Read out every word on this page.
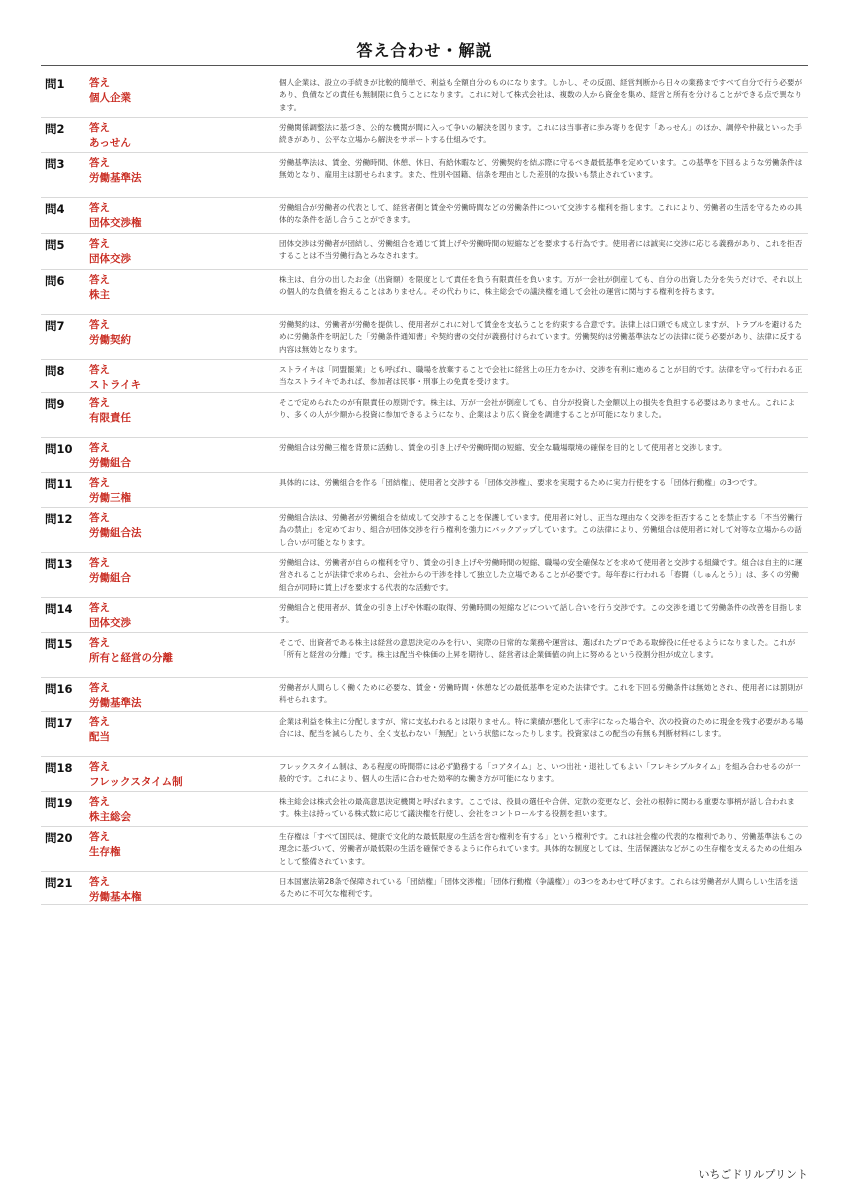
答え合わせ・解説
問1 答え
個人企業
個人企業は、設立の手続きが比較的簡単で、利益も全額自分のものになります。しかし、その反面、経営判断から日々の業務まですべて自分で行う必要があり、負債などの責任も無制限に負うことになります。これに対して株式会社は、複数の人から資金を集め、経営と所有を分けることができる点で異なります。
問2 答え
あっせん
労働関係調整法に基づき、公的な機関が間に入って争いの解決を図ります。これには当事者に歩み寄りを促す「あっせん」のほか、調停や仲裁といった手続きがあり、公平な立場から解決をサポートする仕組みです。
問3 答え
労働基準法
労働基準法は、賃金、労働時間、休憩、休日、有給休暇など、労働契約を結ぶ際に守るべき最低基準を定めています。この基準を下回るような労働条件は無効となり、雇用主は罰せられます。また、性別や国籍、信条を理由とした差別的な扱いも禁止されています。
問4 答え
団体交渉権
労働組合が労働者の代表として、経営者側と賃金や労働時間などの労働条件について交渉する権利を指します。これにより、労働者の生活を守るための具体的な条件を話し合うことができます。
問5 答え
団体交渉
団体交渉は労働者が団結し、労働組合を通じて賃上げや労働時間の短縮などを要求する行為です。使用者には誠実に交渉に応じる義務があり、これを拒否することは不当労働行為とみなされます。
問6 答え
株主
株主は、自分の出したお金（出資額）を限度として責任を負う有限責任を負います。万が一会社が倒産しても、自分の出資した分を失うだけで、それ以上の個人的な負債を抱えることはありません。その代わりに、株主総会での議決権を通して会社の運営に関与する権利を持ちます。
問7 答え
労働契約
労働契約は、労働者が労働を提供し、使用者がこれに対して賃金を支払うことを約束する合意です。法律上は口頭でも成立しますが、トラブルを避けるために労働条件を明記した「労働条件通知書」や契約書の交付が義務付けられています。労働契約は労働基準法などの法律に従う必要があり、法律に反する内容は無効となります。
問8 答え
ストライキ
ストライキは「同盟罷業」とも呼ばれ、職場を放棄することで会社に経営上の圧力をかけ、交渉を有利に進めることが目的です。法律を守って行われる正当なストライキであれば、参加者は民事・刑事上の免責を受けます。
問9 答え
有限責任
そこで定められたのが有限責任の原則です。株主は、万が一会社が倒産しても、自分が投資した金額以上の損失を負担する必要はありません。これにより、多くの人が少額から投資に参加できるようになり、企業はより広く資金を調達することが可能になりました。
問10 答え
労働組合
労働組合は労働三権を背景に活動し、賃金の引き上げや労働時間の短縮、安全な職場環境の確保を目的として使用者と交渉します。
問11 答え
労働三権
具体的には、労働組合を作る「団結権」、使用者と交渉する「団体交渉権」、要求を実現するために実力行使をする「団体行動権」の3つです。
問12 答え
労働組合法
労働組合法は、労働者が労働組合を結成して交渉することを保護しています。使用者に対し、正当な理由なく交渉を拒否することを禁止する「不当労働行為の禁止」を定めており、組合が団体交渉を行う権利を強力にバックアップしています。この法律により、労働組合は使用者に対して対等な立場からの話し合いが可能となります。
問13 答え
労働組合
労働組合は、労働者が自らの権利を守り、賃金の引き上げや労働時間の短縮、職場の安全確保などを求めて使用者と交渉する組織です。組合は自主的に運営されることが法律で求められ、会社からの干渉を排して独立した立場であることが必要です。毎年春に行われる「春闘（しゅんとう）」は、多くの労働組合が同時に賃上げを要求する代表的な活動です。
問14 答え
団体交渉
労働組合と使用者が、賃金の引き上げや休暇の取得、労働時間の短縮などについて話し合いを行う交渉です。この交渉を通じて労働条件の改善を目指します。
問15 答え
所有と経営の分離
そこで、出資者である株主は経営の意思決定のみを行い、実際の日常的な業務や運営は、選ばれたプロである取締役に任せるようになりました。これが「所有と経営の分離」です。株主は配当や株価の上昇を期待し、経営者は企業価値の向上に努めるという役割分担が成立します。
問16 答え
労働基準法
労働者が人間らしく働くために必要な、賃金・労働時間・休憩などの最低基準を定めた法律です。これを下回る労働条件は無効とされ、使用者には罰則が科せられます。
問17 答え
配当
企業は利益を株主に分配しますが、常に支払われるとは限りません。特に業績が悪化して赤字になった場合や、次の投資のために現金を残す必要がある場合には、配当を減らしたり、全く支払わない「無配」という状態になったりします。投資家はこの配当の有無も判断材料にします。
問18 答え
フレックスタイム制
フレックスタイム制は、ある程度の時間帯には必ず勤務する「コアタイム」と、いつ出社・退社してもよい「フレキシブルタイム」を組み合わせるのが一般的です。これにより、個人の生活に合わせた効率的な働き方が可能になります。
問19 答え
株主総会
株主総会は株式会社の最高意思決定機関と呼ばれます。ここでは、役員の選任や合併、定款の変更など、会社の根幹に関わる重要な事柄が話し合われます。株主は持っている株式数に応じて議決権を行使し、会社をコントロールする役割を担います。
問20 答え
生存権
生存権は「すべて国民は、健康で文化的な最低限度の生活を営む権利を有する」という権利です。これは社会権の代表的な権利であり、労働基準法もこの理念に基づいて、労働者が最低限の生活を確保できるように作られています。具体的な制度としては、生活保護法などがこの生存権を支えるための仕組みとして整備されています。
問21 答え
労働基本権
日本国憲法第28条で保障されている「団結権」「団体交渉権」「団体行動権（争議権）」の3つをあわせて呼びます。これらは労働者が人間らしい生活を送るために不可欠な権利です。
いちごドリルプリント
